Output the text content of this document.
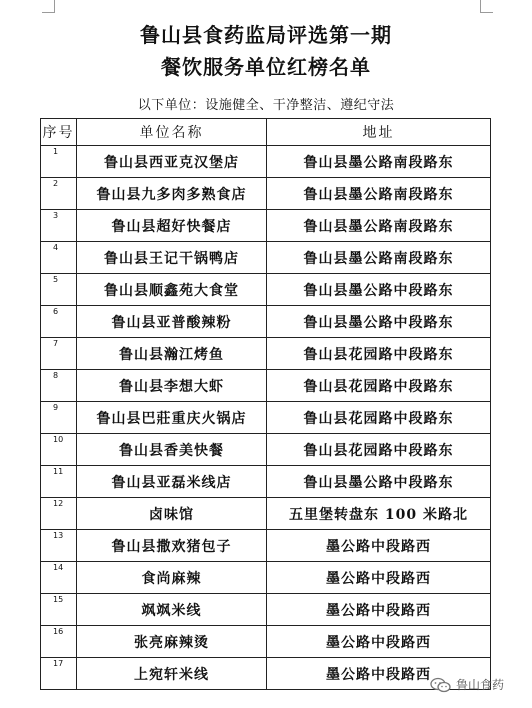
鲁山县食药监局评选第一期
餐饮服务单位红榜名单
以下单位：设施健全、干净整洁、遵纪守法
序号	单位名称	地址
1	鲁山县西亚克汉堡店	鲁山县墨公路南段路东
2	鲁山县九多肉多熟食店	鲁山县墨公路南段路东
3	鲁山县超好快餐店	鲁山县墨公路南段路东
4	鲁山县王记干锅鸭店	鲁山县墨公路南段路东
5	鲁山县顺鑫苑大食堂	鲁山县墨公路中段路东
6	鲁山县亚普酸辣粉	鲁山县墨公路中段路东
7	鲁山县瀚江烤鱼	鲁山县花园路中段路东
8	鲁山县李想大虾	鲁山县花园路中段路东
9	鲁山县巴莊重庆火锅店	鲁山县花园路中段路东
10	鲁山县香美快餐	鲁山县花园路中段路东
11	鲁山县亚磊米线店	鲁山县墨公路中段路东
12	卤味馆	五里堡转盘东 100 米路北
13	鲁山县撒欢猪包子	墨公路中段路西
14	食尚麻辣	墨公路中段路西
15	飒飒米线	墨公路中段路西
16	张亮麻辣烫	墨公路中段路西
17	上宛轩米线	墨公路中段路西
鲁山食药
